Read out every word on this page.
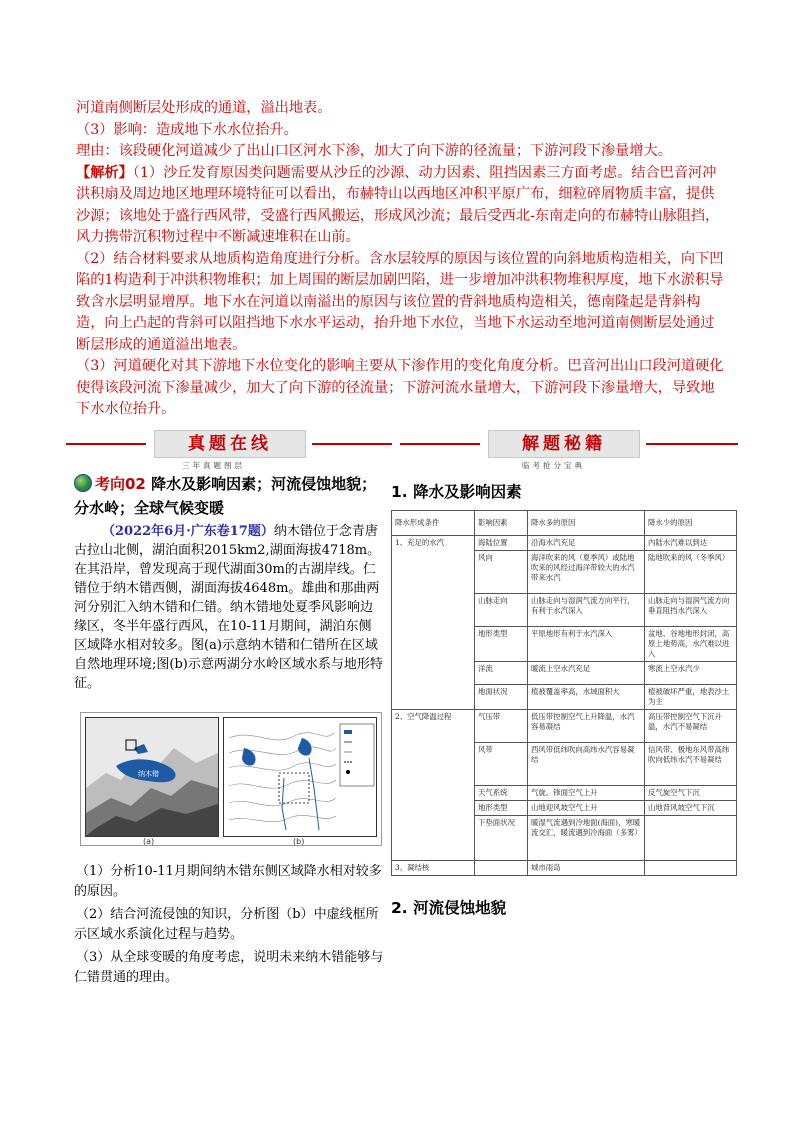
河道南侧断层处形成的通道，溢出地表。

（3）影响：造成地下水水位抬升。

理由：该段硬化河道减少了出山口区河水下渗，加大了向下游的径流量；下游河段下渗量增大。

【解析】（1）沙丘发育原因类问题需要从沙丘的沙源、动力因素、阻挡因素三方面考虑。结合巴音河冲洪积扇及周边地区地理环境特征可以看出，布赫特山以西地区冲积平原广布，细粒碎屑物质丰富，提供沙源；该地处于盛行西风带，受盛行西风搬运，形成风沙流；最后受西北-东南走向的布赫特山脉阻挡，风力携带沉积物过程中不断减速堆积在山前。

（2）结合材料要求从地质构造角度进行分析。含水层较厚的原因与该位置的向斜地质构造相关，向下凹陷的1构造利于冲洪积物堆积；加上周围的断层加剧凹陷，进一步增加冲洪积物堆积厚度，地下水淤积导致含水层明显增厚。地下水在河道以南溢出的原因与该位置的背斜地质构造相关，德南隆起是背斜构造，向上凸起的背斜可以阻挡地下水水平运动，抬升地下水位，当地下水运动至地河道南侧断层处通过断层形成的通道溢出地表。

（3）河道硬化对其下游地下水位变化的影响主要从下渗作用的变化角度分析。巴音河出山口段河道硬化使得该段河流下渗量减少，加大了向下游的径流量；下游河流水量增大，下游河段下渗量增大，导致地下水水位抬升。

真题在线
三年真题图层
解题秘籍
临考抢分宝典

考向02 降水及影响因素；河流侵蚀地貌；分水岭；全球气候变暖

（2022年6月·广东卷17题）纳木错位于念青唐古拉山北侧，湖泊面积2015km2,湖面海拔4718m。在其沿岸，曾发现高于现代湖面30m的古湖岸线。仁错位于纳木错西侧，湖面海拔4648m。雄曲和那曲两河分别汇入纳木错和仁错。纳木错地处夏季风影响边缘区，冬半年盛行西风，在10-11月期间，湖泊东侧区域降水相对较多。图(a)示意纳木错和仁错所在区域自然地理环境;图(b)示意两湖分水岭区域水系与地形特征。

纳木错
(a)	(b)

（1）分析10-11月期间纳木错东侧区域降水相对较多的原因。

（2）结合河流侵蚀的知识，分析图（b）中虚线框所示区域水系演化过程与趋势。

（3）从全球变暖的角度考虑，说明未来纳木错能够与仁错贯通的理由。

1. 降水及影响因素

降水形成条件	影响因素	降水多的原因	降水少的原因
1、充足的水汽	海陆位置	沿海水汽充足	内陆水汽难以到达
	风向	海洋吹来的风（夏季风）或陆地吹来的风经过海洋带较大的水汽带来水汽	陆地吹来的风（冬季风）
	山脉走向	山脉走向与湿润气流方向平行，有利于水汽深入	山脉走向与湿润气流方向垂直阻挡水汽深入
	地形类型	平原地形有利于水汽深入	盆地、谷地地形封闭，高原上地势高，水汽难以进入
	洋流	暖流上空水汽充足	寒流上空水汽少
	地面状况	植被覆盖率高，水域面积大	植被破坏严重，地表沙土为主
2、空气降温过程	气压带	低压带控制空气上升降温，水汽容易凝结	高压带控制空气下沉升温，水汽不易凝结
	风带	西风带低纬吹向高纬水汽容易凝结	信风带、极地东风带高纬吹向低纬水汽不易凝结
	天气系统	气旋、锋面空气上升	反气旋空气下沉
	地形类型	山地迎风坡空气上升	山地背风坡空气下沉
	下垫面状况	暖湿气流遇到冷地面(海面)，寒暖流交汇，暖流遇到冷海面（多雾）	
3、凝结核		城市雨岛	

2. 河流侵蚀地貌
